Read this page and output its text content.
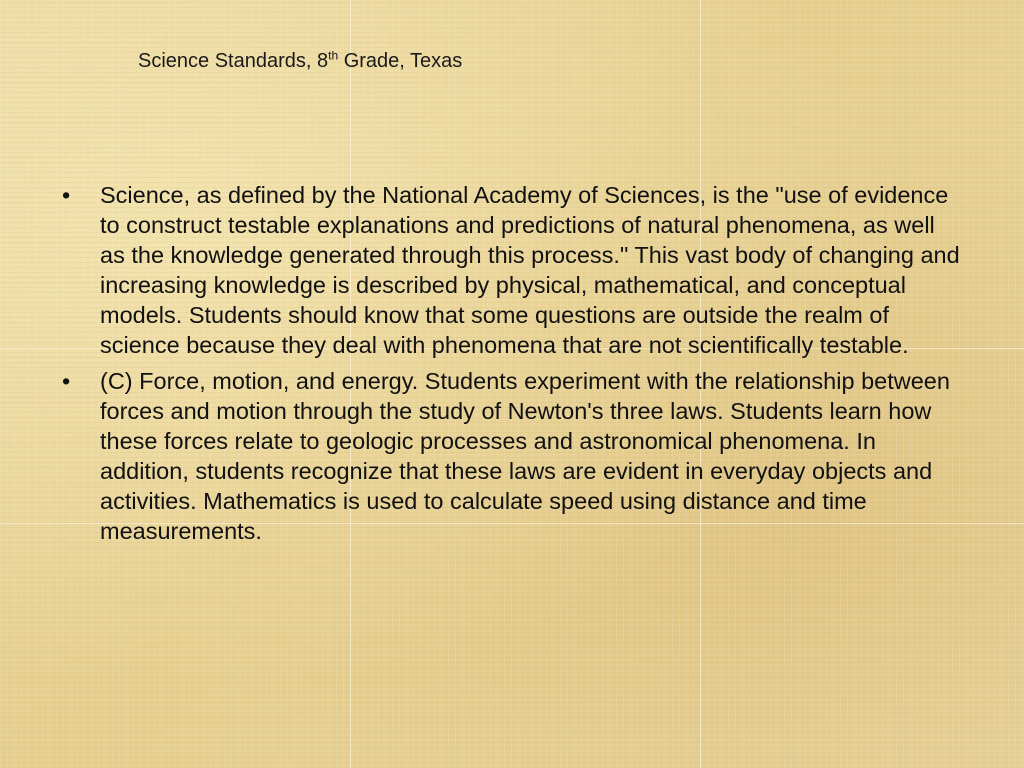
Science Standards, 8th Grade, Texas
• Science, as defined by the National Academy of Sciences, is the "use of evidence to construct testable explanations and predictions of natural phenomena, as well as the knowledge generated through this process." This vast body of changing and increasing knowledge is described by physical, mathematical, and conceptual models. Students should know that some questions are outside the realm of science because they deal with phenomena that are not scientifically testable.
• (C) Force, motion, and energy. Students experiment with the relationship between forces and motion through the study of Newton's three laws. Students learn how these forces relate to geologic processes and astronomical phenomena. In addition, students recognize that these laws are evident in everyday objects and activities. Mathematics is used to calculate speed using distance and time measurements.
